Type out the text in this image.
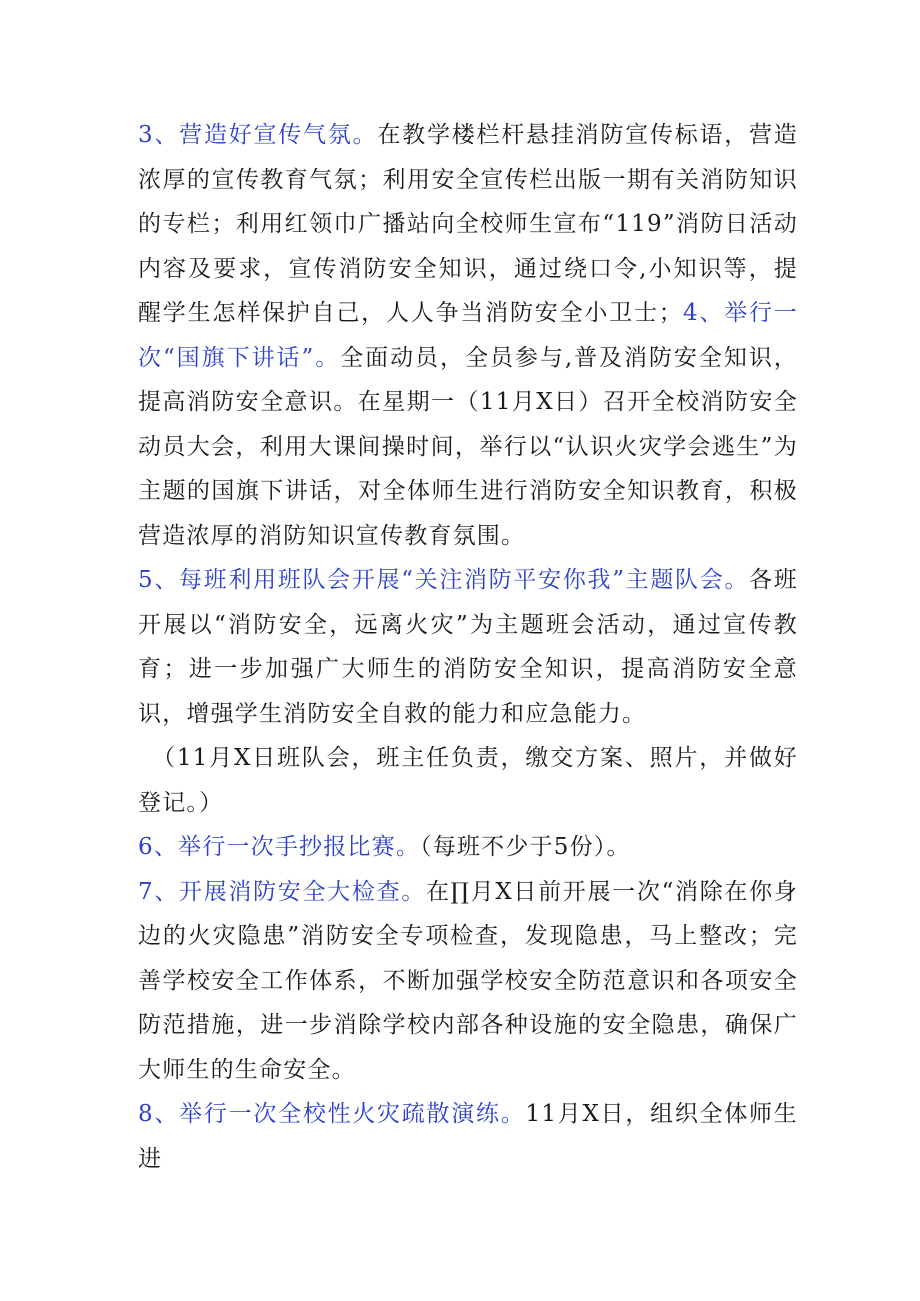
3、营造好宣传气氛。在教学楼栏杆悬挂消防宣传标语，营造浓厚的宣传教育气氛；利用安全宣传栏出版一期有关消防知识的专栏；利用红领巾广播站向全校师生宣布“119”消防日活动内容及要求，宣传消防安全知识，通过绕口令,小知识等，提醒学生怎样保护自己，人人争当消防安全小卫士；4、举行一次“国旗下讲话”。全面动员，全员参与,普及消防安全知识，提高消防安全意识。在星期一（11月X日）召开全校消防安全动员大会，利用大课间操时间，举行以“认识火灾学会逃生”为主题的国旗下讲话，对全体师生进行消防安全知识教育，积极营造浓厚的消防知识宣传教育氛围。

5、每班利用班队会开展“关注消防平安你我”主题队会。各班开展以“消防安全，远离火灾”为主题班会活动，通过宣传教育；进一步加强广大师生的消防安全知识，提高消防安全意识，增强学生消防安全自救的能力和应急能力。

（11月X日班队会，班主任负责，缴交方案、照片，并做好登记。）

6、举行一次手抄报比赛。（每班不少于5份）。

7、开展消防安全大检查。在∏月X日前开展一次“消除在你身边的火灾隐患”消防安全专项检查，发现隐患，马上整改；完善学校安全工作体系，不断加强学校安全防范意识和各项安全防范措施，进一步消除学校内部各种设施的安全隐患，确保广大师生的生命安全。

8、举行一次全校性火灾疏散演练。11月X日，组织全体师生进
